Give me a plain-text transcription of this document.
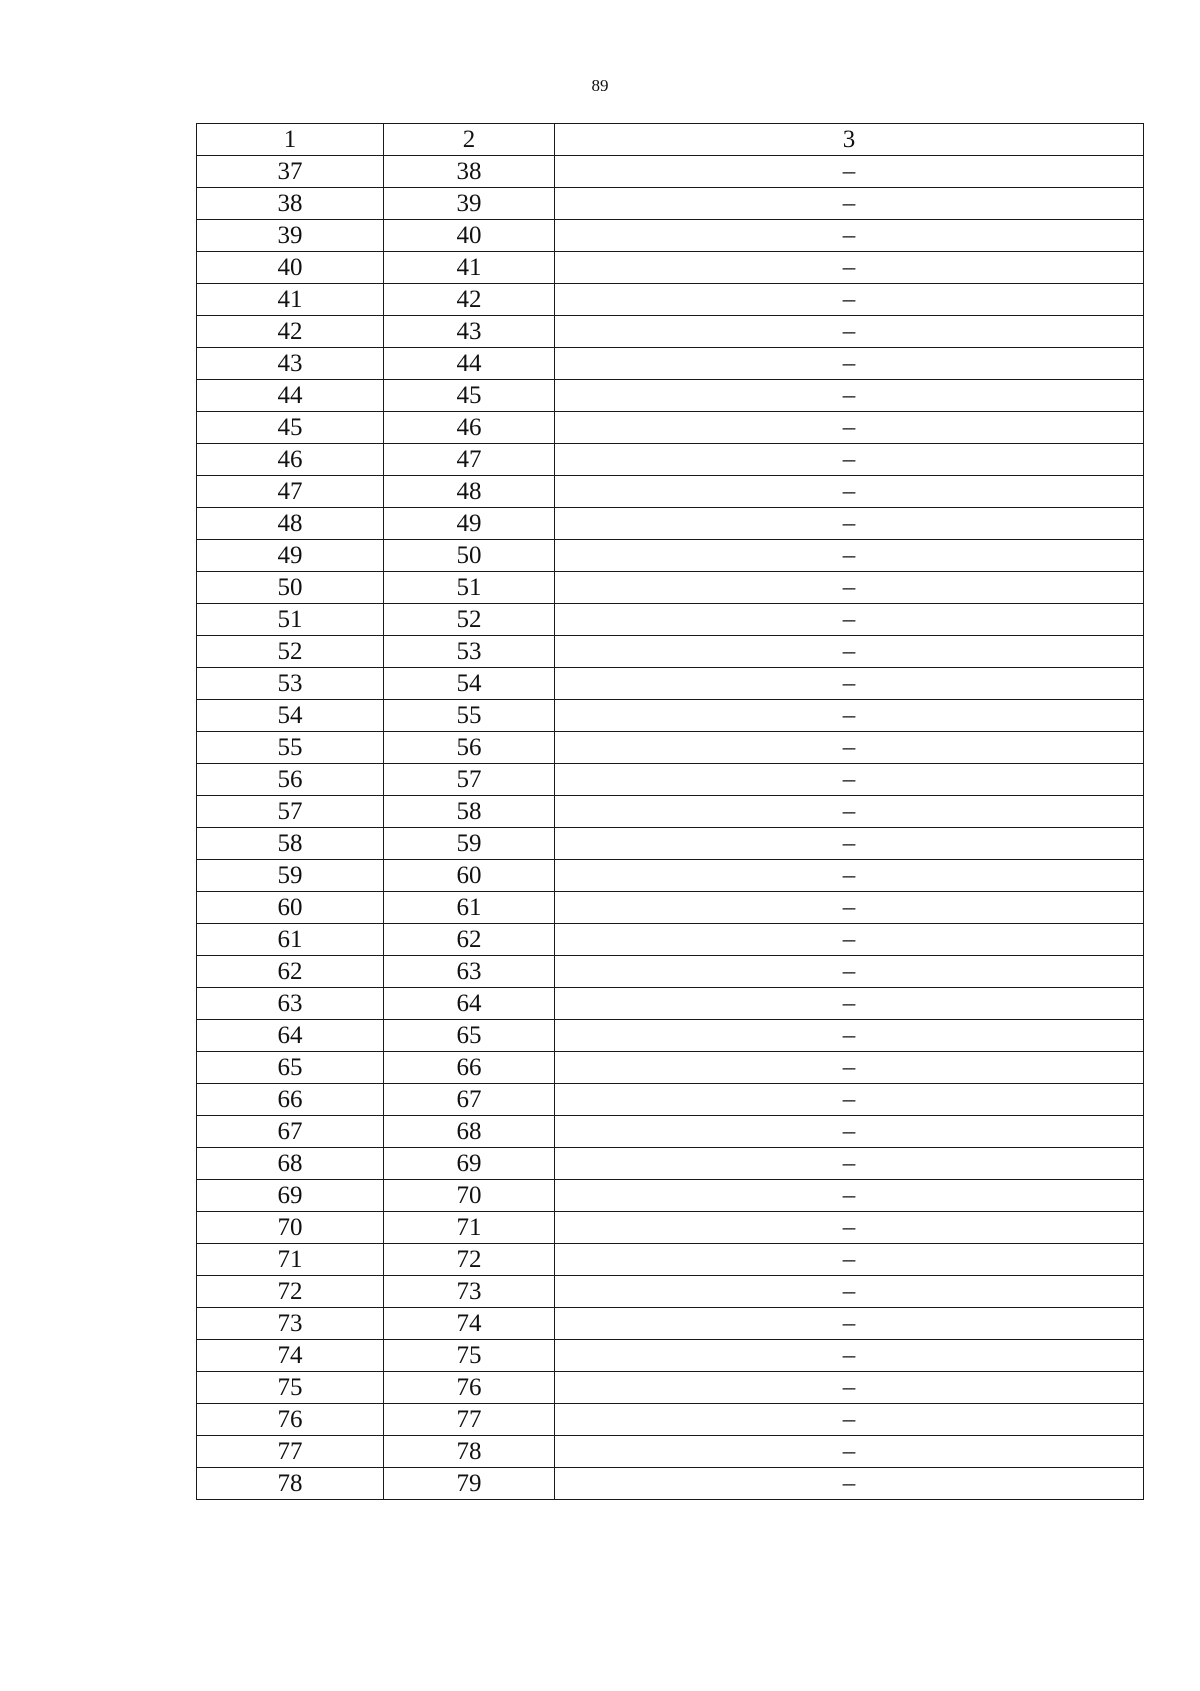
89
1	2	3
37	38	–
38	39	–
39	40	–
40	41	–
41	42	–
42	43	–
43	44	–
44	45	–
45	46	–
46	47	–
47	48	–
48	49	–
49	50	–
50	51	–
51	52	–
52	53	–
53	54	–
54	55	–
55	56	–
56	57	–
57	58	–
58	59	–
59	60	–
60	61	–
61	62	–
62	63	–
63	64	–
64	65	–
65	66	–
66	67	–
67	68	–
68	69	–
69	70	–
70	71	–
71	72	–
72	73	–
73	74	–
74	75	–
75	76	–
76	77	–
77	78	–
78	79	–
